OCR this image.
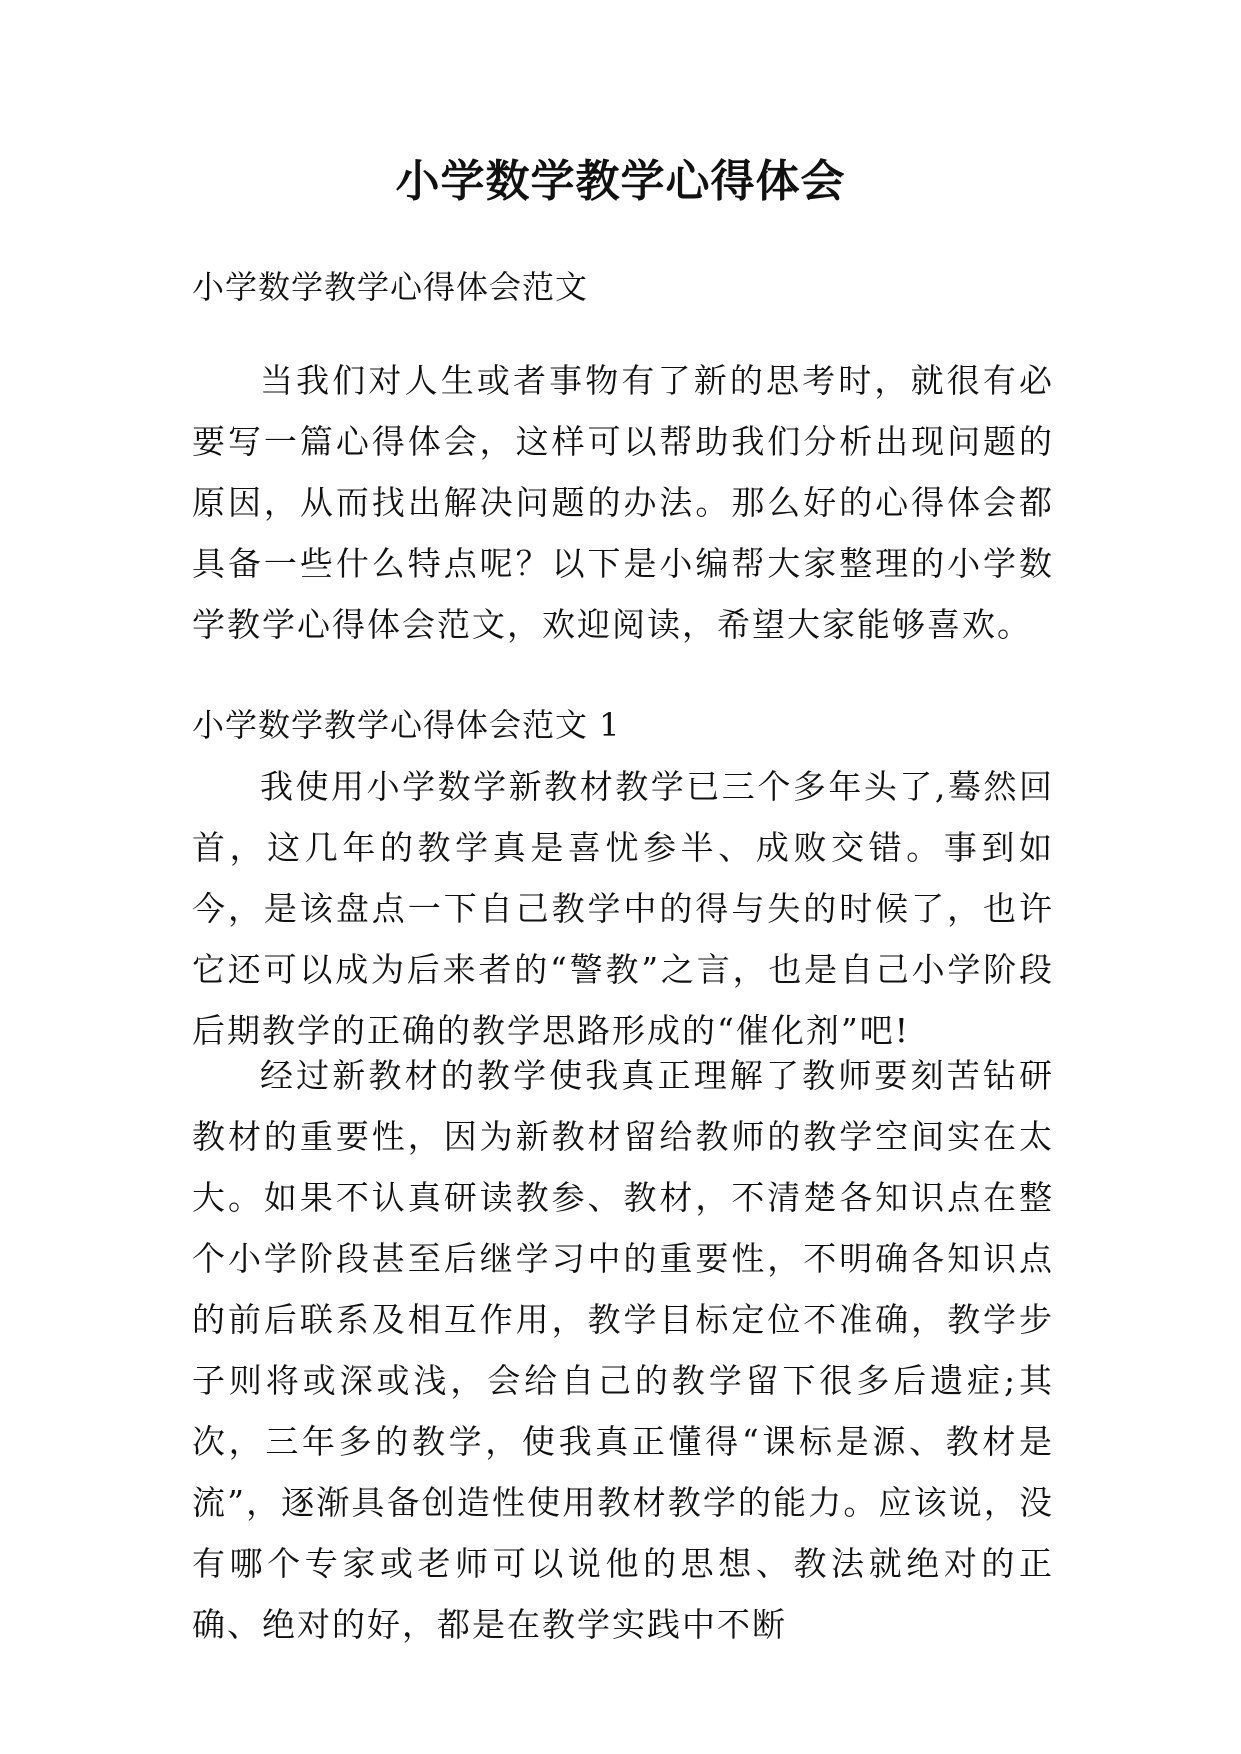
小学数学教学心得体会

小学数学教学心得体会范文

当我们对人生或者事物有了新的思考时，就很有必要写一篇心得体会，这样可以帮助我们分析出现问题的原因，从而找出解决问题的办法。那么好的心得体会都具备一些什么特点呢？以下是小编帮大家整理的小学数学教学心得体会范文，欢迎阅读，希望大家能够喜欢。

小学数学教学心得体会范文 1

我使用小学数学新教材教学已三个多年头了,蓦然回首，这几年的教学真是喜忧参半、成败交错。事到如今，是该盘点一下自己教学中的得与失的时候了，也许它还可以成为后来者的“警教”之言，也是自己小学阶段后期教学的正确的教学思路形成的“催化剂”吧!

经过新教材的教学使我真正理解了教师要刻苦钻研教材的重要性，因为新教材留给教师的教学空间实在太大。如果不认真研读教参、教材，不清楚各知识点在整个小学阶段甚至后继学习中的重要性，不明确各知识点的前后联系及相互作用，教学目标定位不准确，教学步子则将或深或浅，会给自己的教学留下很多后遗症;其次，三年多的教学，使我真正懂得“课标是源、教材是流”，逐渐具备创造性使用教材教学的能力。应该说，没有哪个专家或老师可以说他的思想、教法就绝对的正确、绝对的好，都是在教学实践中不断
